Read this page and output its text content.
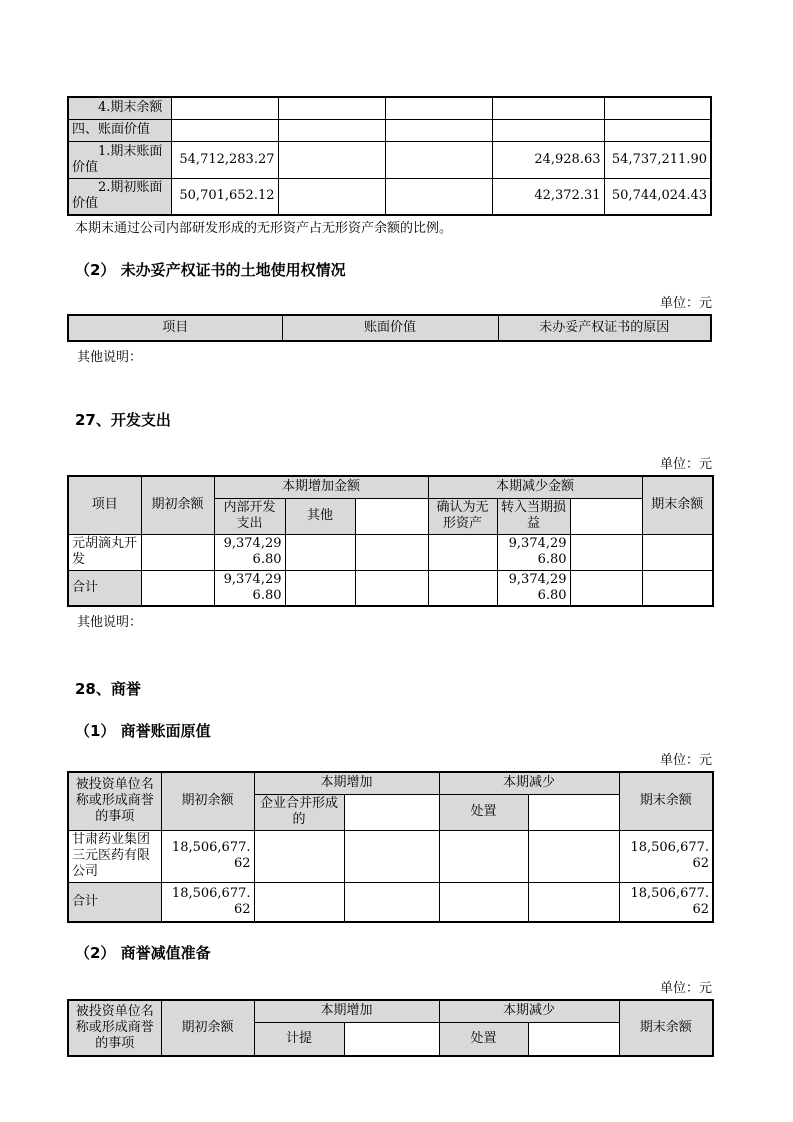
4.期末余额					
四、账面价值					
1.期末账面价值	54,712,283.27			24,928.63	54,737,211.90
2.期初账面价值	50,701,652.12			42,372.31	50,744,024.43
本期末通过公司内部研发形成的无形资产占无形资产余额的比例。
（2） 未办妥产权证书的土地使用权情况
单位：元
项目	账面价值	未办妥产权证书的原因
其他说明：
27、开发支出
单位：元
项目	期初余额	本期增加金额			本期减少金额			期末余额
		内部开发支出	其他		确认为无形资产	转入当期损益		
元胡滴丸开发		9,374,296.80				9,374,296.80		
合计		9,374,296.80				9,374,296.80		
其他说明：
28、商誉
（1） 商誉账面原值
单位：元
被投资单位名称或形成商誉的事项	期初余额	本期增加		本期减少		期末余额
		企业合并形成的		处置		
甘肃药业集团三元医药有限公司	18,506,677.62					18,506,677.62
合计	18,506,677.62					18,506,677.62
（2） 商誉减值准备
单位：元
被投资单位名称或形成商誉的事项	期初余额	本期增加		本期减少		期末余额
		计提		处置		
